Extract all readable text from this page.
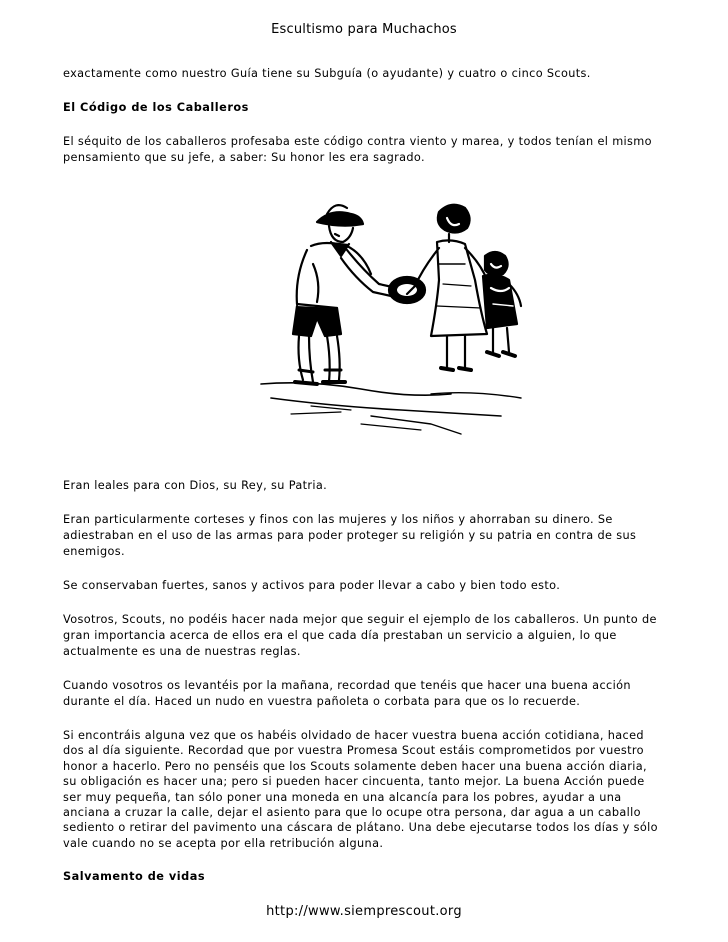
Escultismo para Muchachos

exactamente como nuestro Guía tiene su Subguía (o ayudante) y cuatro o cinco Scouts.

El Código de los Caballeros

El séquito de los caballeros profesaba este código contra viento y marea, y todos tenían el mismo pensamiento que su jefe, a saber: Su honor les era sagrado.

Eran leales para con Dios, su Rey, su Patria.

Eran particularmente corteses y finos con las mujeres y los niños y ahorraban su dinero. Se adiestraban en el uso de las armas para poder proteger su religión y su patria en contra de sus enemigos.

Se conservaban fuertes, sanos y activos para poder llevar a cabo y bien todo esto.

Vosotros, Scouts, no podéis hacer nada mejor que seguir el ejemplo de los caballeros. Un punto de gran importancia acerca de ellos era el que cada día prestaban un servicio a alguien, lo que actualmente es una de nuestras reglas.

Cuando vosotros os levantéis por la mañana, recordad que tenéis que hacer una buena acción durante el día. Haced un nudo en vuestra pañoleta o corbata para que os lo recuerde.

Si encontráis alguna vez que os habéis olvidado de hacer vuestra buena acción cotidiana, haced dos al día siguiente. Recordad que por vuestra Promesa Scout estáis comprometidos por vuestro honor a hacerlo. Pero no penséis que los Scouts solamente deben hacer una buena acción diaria, su obligación es hacer una; pero si pueden hacer cincuenta, tanto mejor. La buena Acción puede ser muy pequeña, tan sólo poner una moneda en una alcancía para los pobres, ayudar a una anciana a cruzar la calle, dejar el asiento para que lo ocupe otra persona, dar agua a un caballo sediento o retirar del pavimento una cáscara de plátano. Una debe ejecutarse todos los días y sólo vale cuando no se acepta por ella retribución alguna.

Salvamento de vidas
http://www.siemprescout.org
